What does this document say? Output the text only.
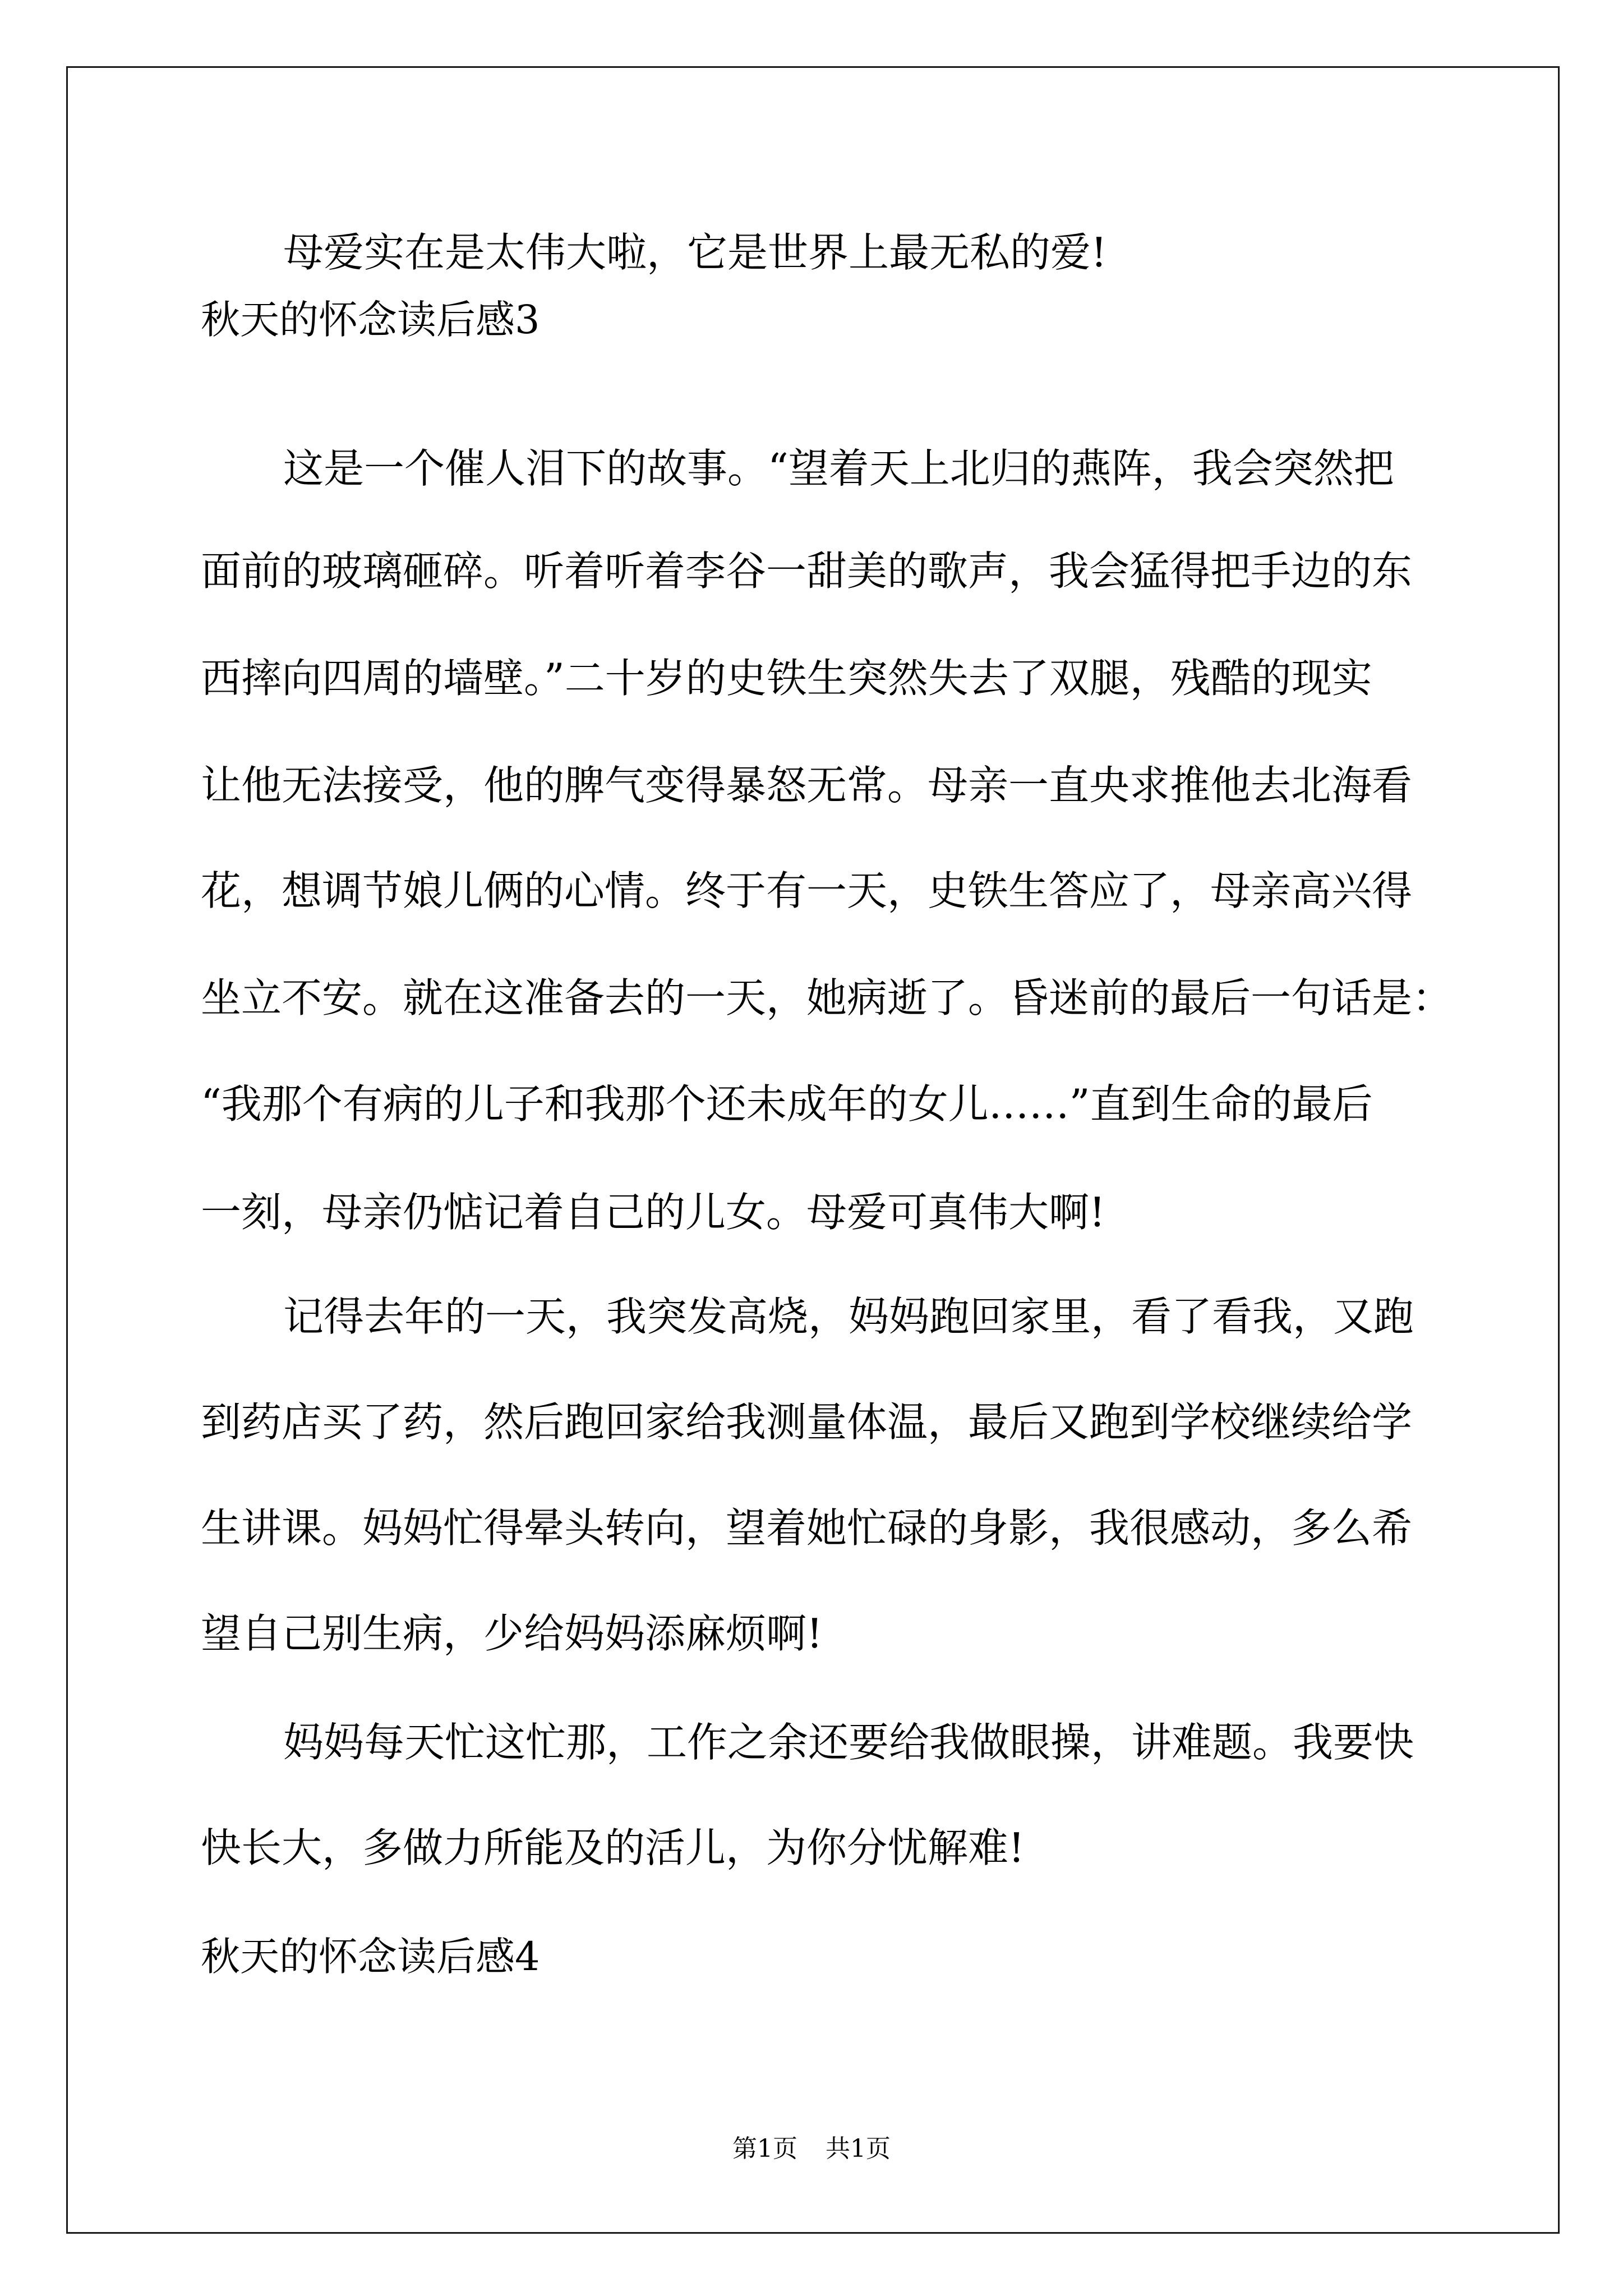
母爱实在是太伟大啦，它是世界上最无私的爱!
秋天的怀念读后感3
这是一个催人泪下的故事。“望着天上北归的燕阵，我会突然把
面前的玻璃砸碎。听着听着李谷一甜美的歌声，我会猛得把手边的东
西摔向四周的墙壁。”二十岁的史铁生突然失去了双腿，残酷的现实
让他无法接受，他的脾气变得暴怒无常。母亲一直央求推他去北海看
花，想调节娘儿俩的心情。终于有一天，史铁生答应了，母亲高兴得
坐立不安。就在这准备去的一天，她病逝了。昏迷前的最后一句话是：
“我那个有病的儿子和我那个还未成年的女儿……”直到生命的最后
一刻，母亲仍惦记着自己的儿女。母爱可真伟大啊!
记得去年的一天，我突发高烧，妈妈跑回家里，看了看我，又跑
到药店买了药，然后跑回家给我测量体温，最后又跑到学校继续给学
生讲课。妈妈忙得晕头转向，望着她忙碌的身影，我很感动，多么希
望自己别生病，少给妈妈添麻烦啊!
妈妈每天忙这忙那，工作之余还要给我做眼操，讲难题。我要快
快长大，多做力所能及的活儿，为你分忧解难!
秋天的怀念读后感4
第1页 共1页
